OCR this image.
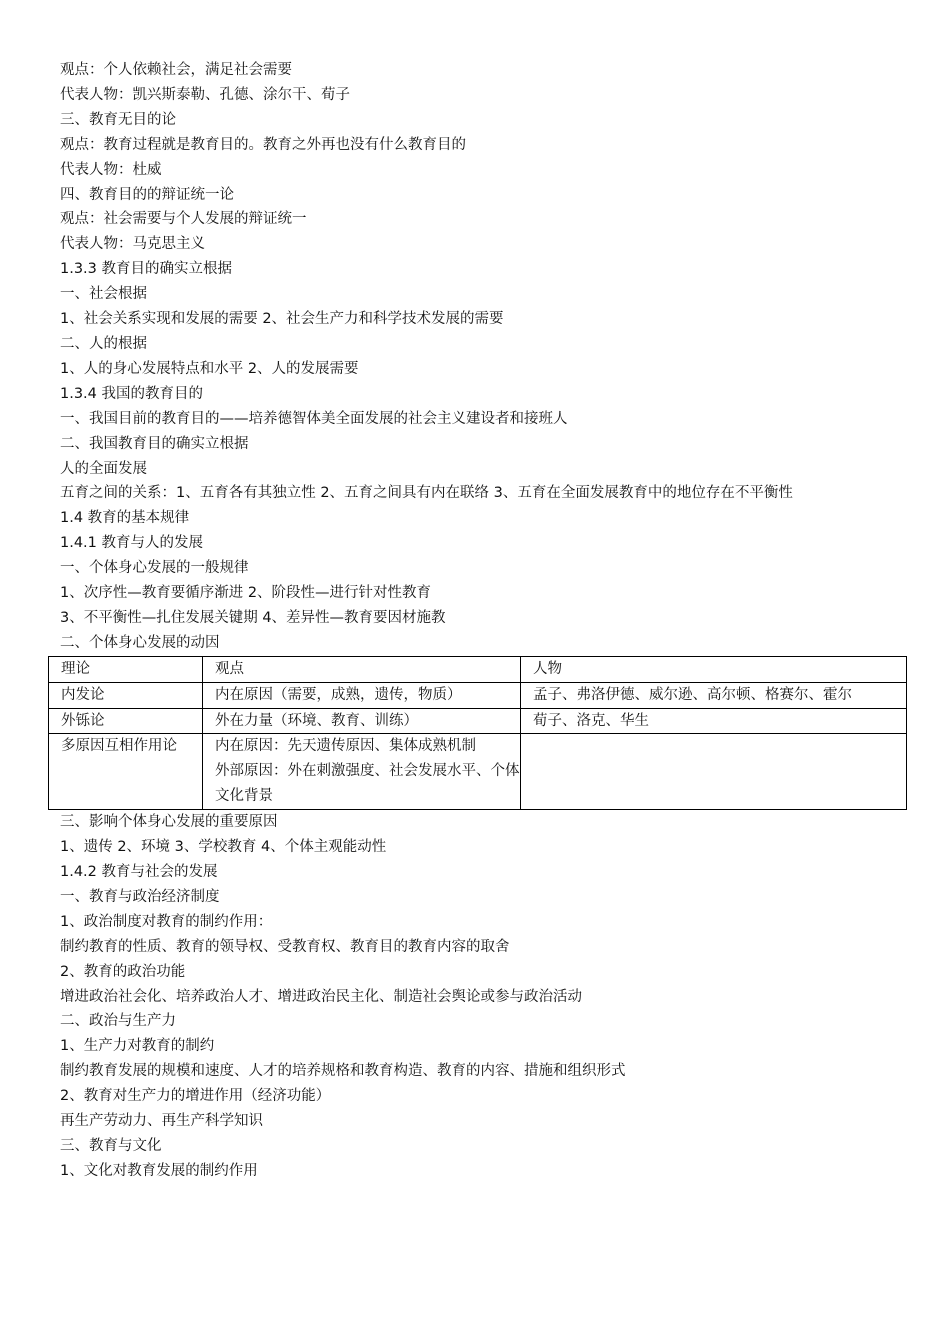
观点：个人依赖社会，满足社会需要
代表人物：凯兴斯泰勒、孔德、涂尔干、荀子
三、教育无目的论
观点：教育过程就是教育目的。教育之外再也没有什么教育目的
代表人物：杜威
四、教育目的的辩证统一论
观点：社会需要与个人发展的辩证统一
代表人物：马克思主义
1.3.3 教育目的确实立根据
一、社会根据
1、社会关系实现和发展的需要 2、社会生产力和科学技术发展的需要
二、人的根据
1、人的身心发展特点和水平 2、人的发展需要
1.3.4 我国的教育目的
一、我国目前的教育目的——培养德智体美全面发展的社会主义建设者和接班人
二、我国教育目的确实立根据
人的全面发展
五育之间的关系：1、五育各有其独立性 2、五育之间具有内在联络 3、五育在全面发展教育中的地位存在不平衡性
1.4 教育的基本规律
1.4.1 教育与人的发展
一、个体身心发展的一般规律
1、次序性—教育要循序渐进 2、阶段性—进行针对性教育
3、不平衡性—扎住发展关键期 4、差异性—教育要因材施教
二、个体身心发展的动因
理论	观点	人物
内发论	内在原因（需要，成熟，遗传，物质）	孟子、弗洛伊德、威尔逊、高尔顿、格赛尔、霍尔
外铄论	外在力量（环境、教育、训练）	荀子、洛克、华生
多原因互相作用论	内在原因：先天遗传原因、集体成熟机制
外部原因：外在刺激强度、社会发展水平、个体文化背景	

三、影响个体身心发展的重要原因
1、遗传 2、环境 3、学校教育 4、个体主观能动性
1.4.2 教育与社会的发展
一、教育与政治经济制度
1、政治制度对教育的制约作用：
制约教育的性质、教育的领导权、受教育权、教育目的教育内容的取舍
2、教育的政治功能
增进政治社会化、培养政治人才、增进政治民主化、制造社会舆论或参与政治活动
二、政治与生产力
1、生产力对教育的制约
制约教育发展的规模和速度、人才的培养规格和教育构造、教育的内容、措施和组织形式
2、教育对生产力的增进作用（经济功能）
再生产劳动力、再生产科学知识
三、教育与文化
1、文化对教育发展的制约作用
